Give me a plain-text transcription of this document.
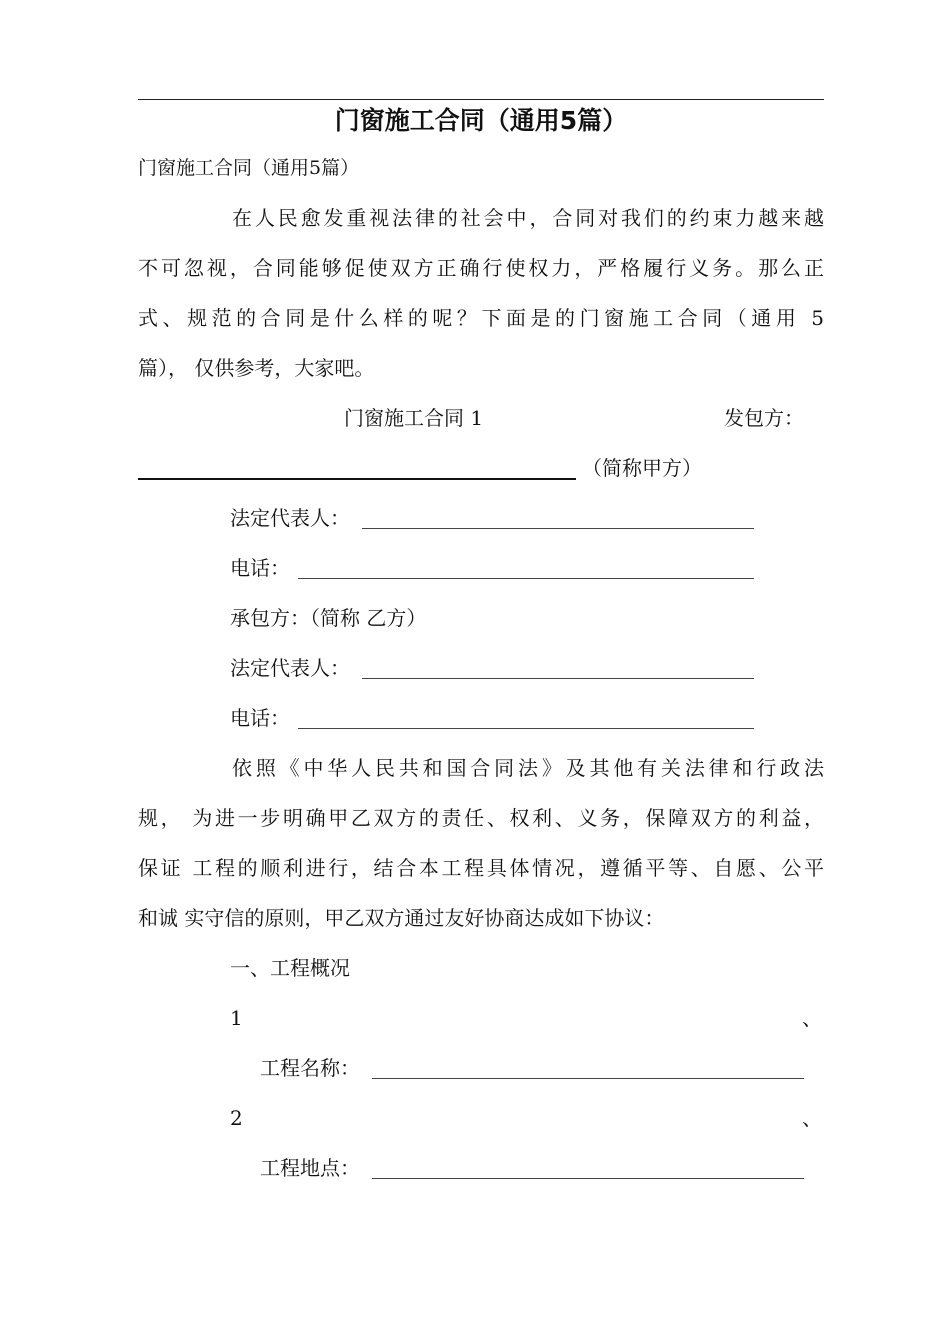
门窗施工合同（通用5篇）
门窗施工合同（通用5篇）
在人民愈发重视法律的社会中，合同对我们的约束力越来越
不可忽视，合同能够促使双方正确行使权力，严格履行义务。那么正
式、规范的合同是什么样的呢？下面是的门窗施工合同（通用 5
篇）， 仅供参考，大家吧。
门窗施工合同 1	发包方：
（简称甲方）
法定代表人：
电话：
承包方：（简称 乙方）
法定代表人：
电话：
依照《中华人民共和国合同法》及其他有关法律和行政法
规， 为进一步明确甲乙双方的责任、权利、义务，保障双方的利益，
保证 工程的顺利进行，结合本工程具体情况，遵循平等、自愿、公平
和诚 实守信的原则，甲乙双方通过友好协商达成如下协议：
一、工程概况
1	、
工程名称：
2	、
工程地点：
